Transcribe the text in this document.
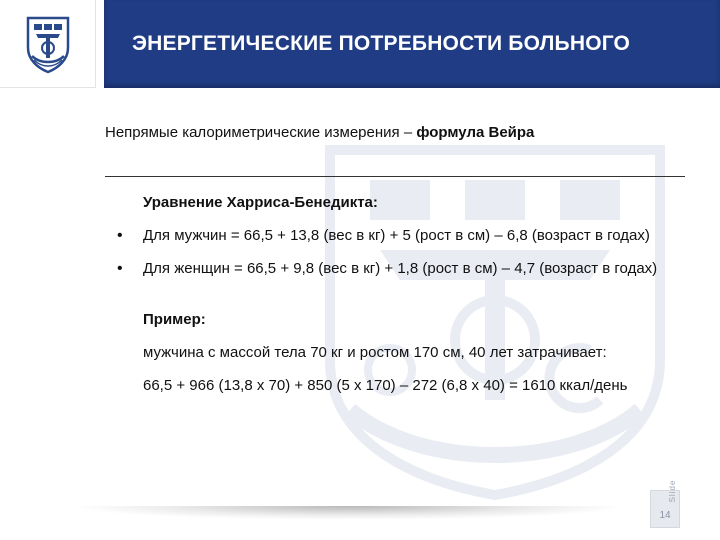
ЭНЕРГЕТИЧЕСКИЕ ПОТРЕБНОСТИ БОЛЬНОГО
Непрямые калориметрические измерения – формула Вейра
Уравнение Харриса-Бенедикта:
• Для мужчин = 66,5 + 13,8 (вес в кг) + 5 (рост в см) – 6,8 (возраст в годах)
• Для женщин = 66,5 + 9,8 (вес в кг) + 1,8 (рост в см) – 4,7 (возраст в годах)
Пример:
мужчина с массой тела 70 кг и ростом 170 см, 40 лет затрачивает:
66,5 + 966 (13,8 х 70) + 850 (5 х 170) – 272 (6,8 х 40) = 1610 ккал/день
14
Slide
